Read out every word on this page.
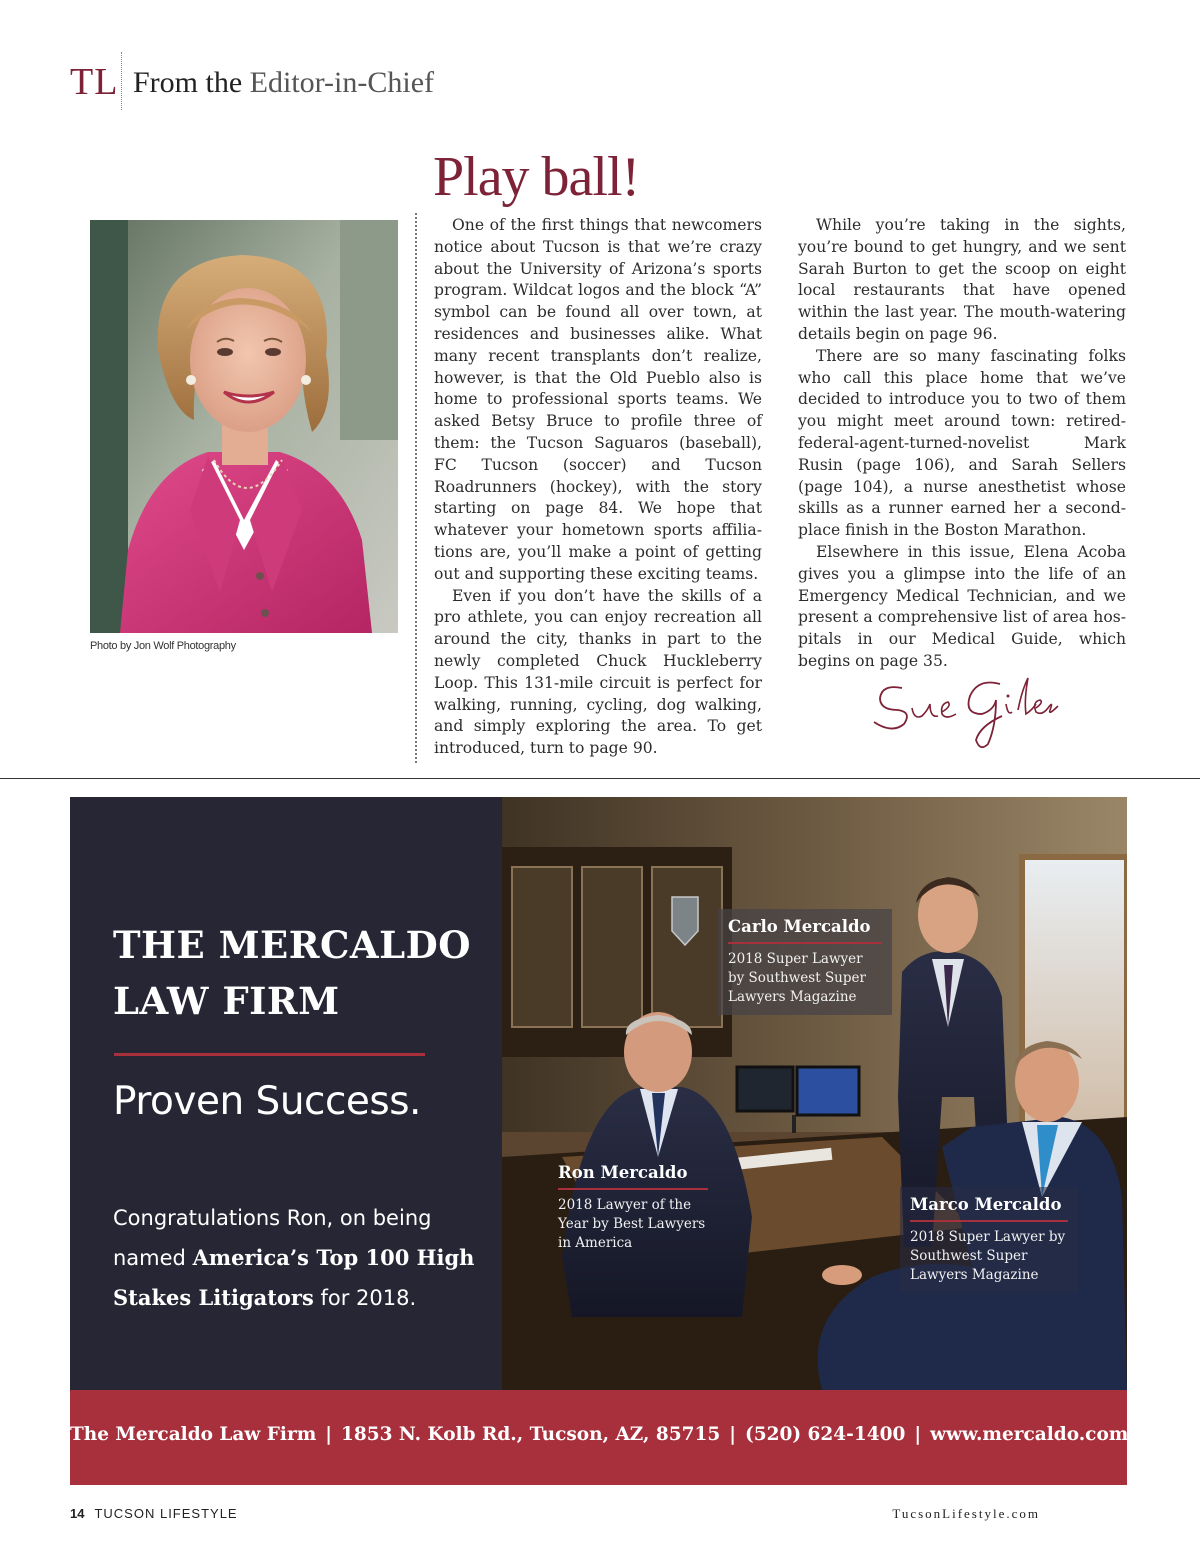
TL From the Editor-in-Chief
Play ball!
Photo by Jon Wolf Photography

One of the first things that newcomers notice about Tucson is that we’re crazy about the University of Arizona’s sports program. Wildcat logos and the block “A” symbol can be found all over town, at residences and businesses alike. What many recent transplants don’t realize, however, is that the Old Pueblo also is home to professional sports teams. We asked Betsy Bruce to profile three of them: the Tucson Saguaros (baseball), FC Tucson (soccer) and Tucson Roadrunners (hockey), with the story starting on page 84. We hope that whatever your hometown sports affiliations are, you’ll make a point of getting out and supporting these exciting teams.

Even if you don’t have the skills of a pro athlete, you can enjoy recreation all around the city, thanks in part to the newly completed Chuck Huckleberry Loop. This 131-mile circuit is perfect for walking, running, cycling, dog walking, and simply exploring the area. To get introduced, turn to page 90.

While you’re taking in the sights, you’re bound to get hungry, and we sent Sarah Burton to get the scoop on eight local restaurants that have opened within the last year. The mouth-watering details begin on page 96.

There are so many fascinating folks who call this place home that we’ve decided to introduce you to two of them you might meet around town: retired-federal-agent-turned-novelist Mark Rusin (page 106), and Sarah Sellers (page 104), a nurse anesthetist whose skills as a runner earned her a second-place finish in the Boston Marathon.

Elsewhere in this issue, Elena Acoba gives you a glimpse into the life of an Emergency Medical Technician, and we present a comprehensive list of area hospitals in our Medical Guide, which begins on page 35.

THE MERCALDO
LAW FIRM
Proven Success.
Congratulations Ron, on being named America’s Top 100 High Stakes Litigators for 2018.
Carlo Mercaldo
2018 Super Lawyer by Southwest Super Lawyers Magazine
Ron Mercaldo
2018 Lawyer of the Year by Best Lawyers in America
Marco Mercaldo
2018 Super Lawyer by Southwest Super Lawyers Magazine
The Mercaldo Law Firm | 1853 N. Kolb Rd., Tucson, AZ, 85715 | (520) 624-1400 | www.mercaldo.com
14 TUCSON LIFESTYLE	TucsonLifestyle.com
